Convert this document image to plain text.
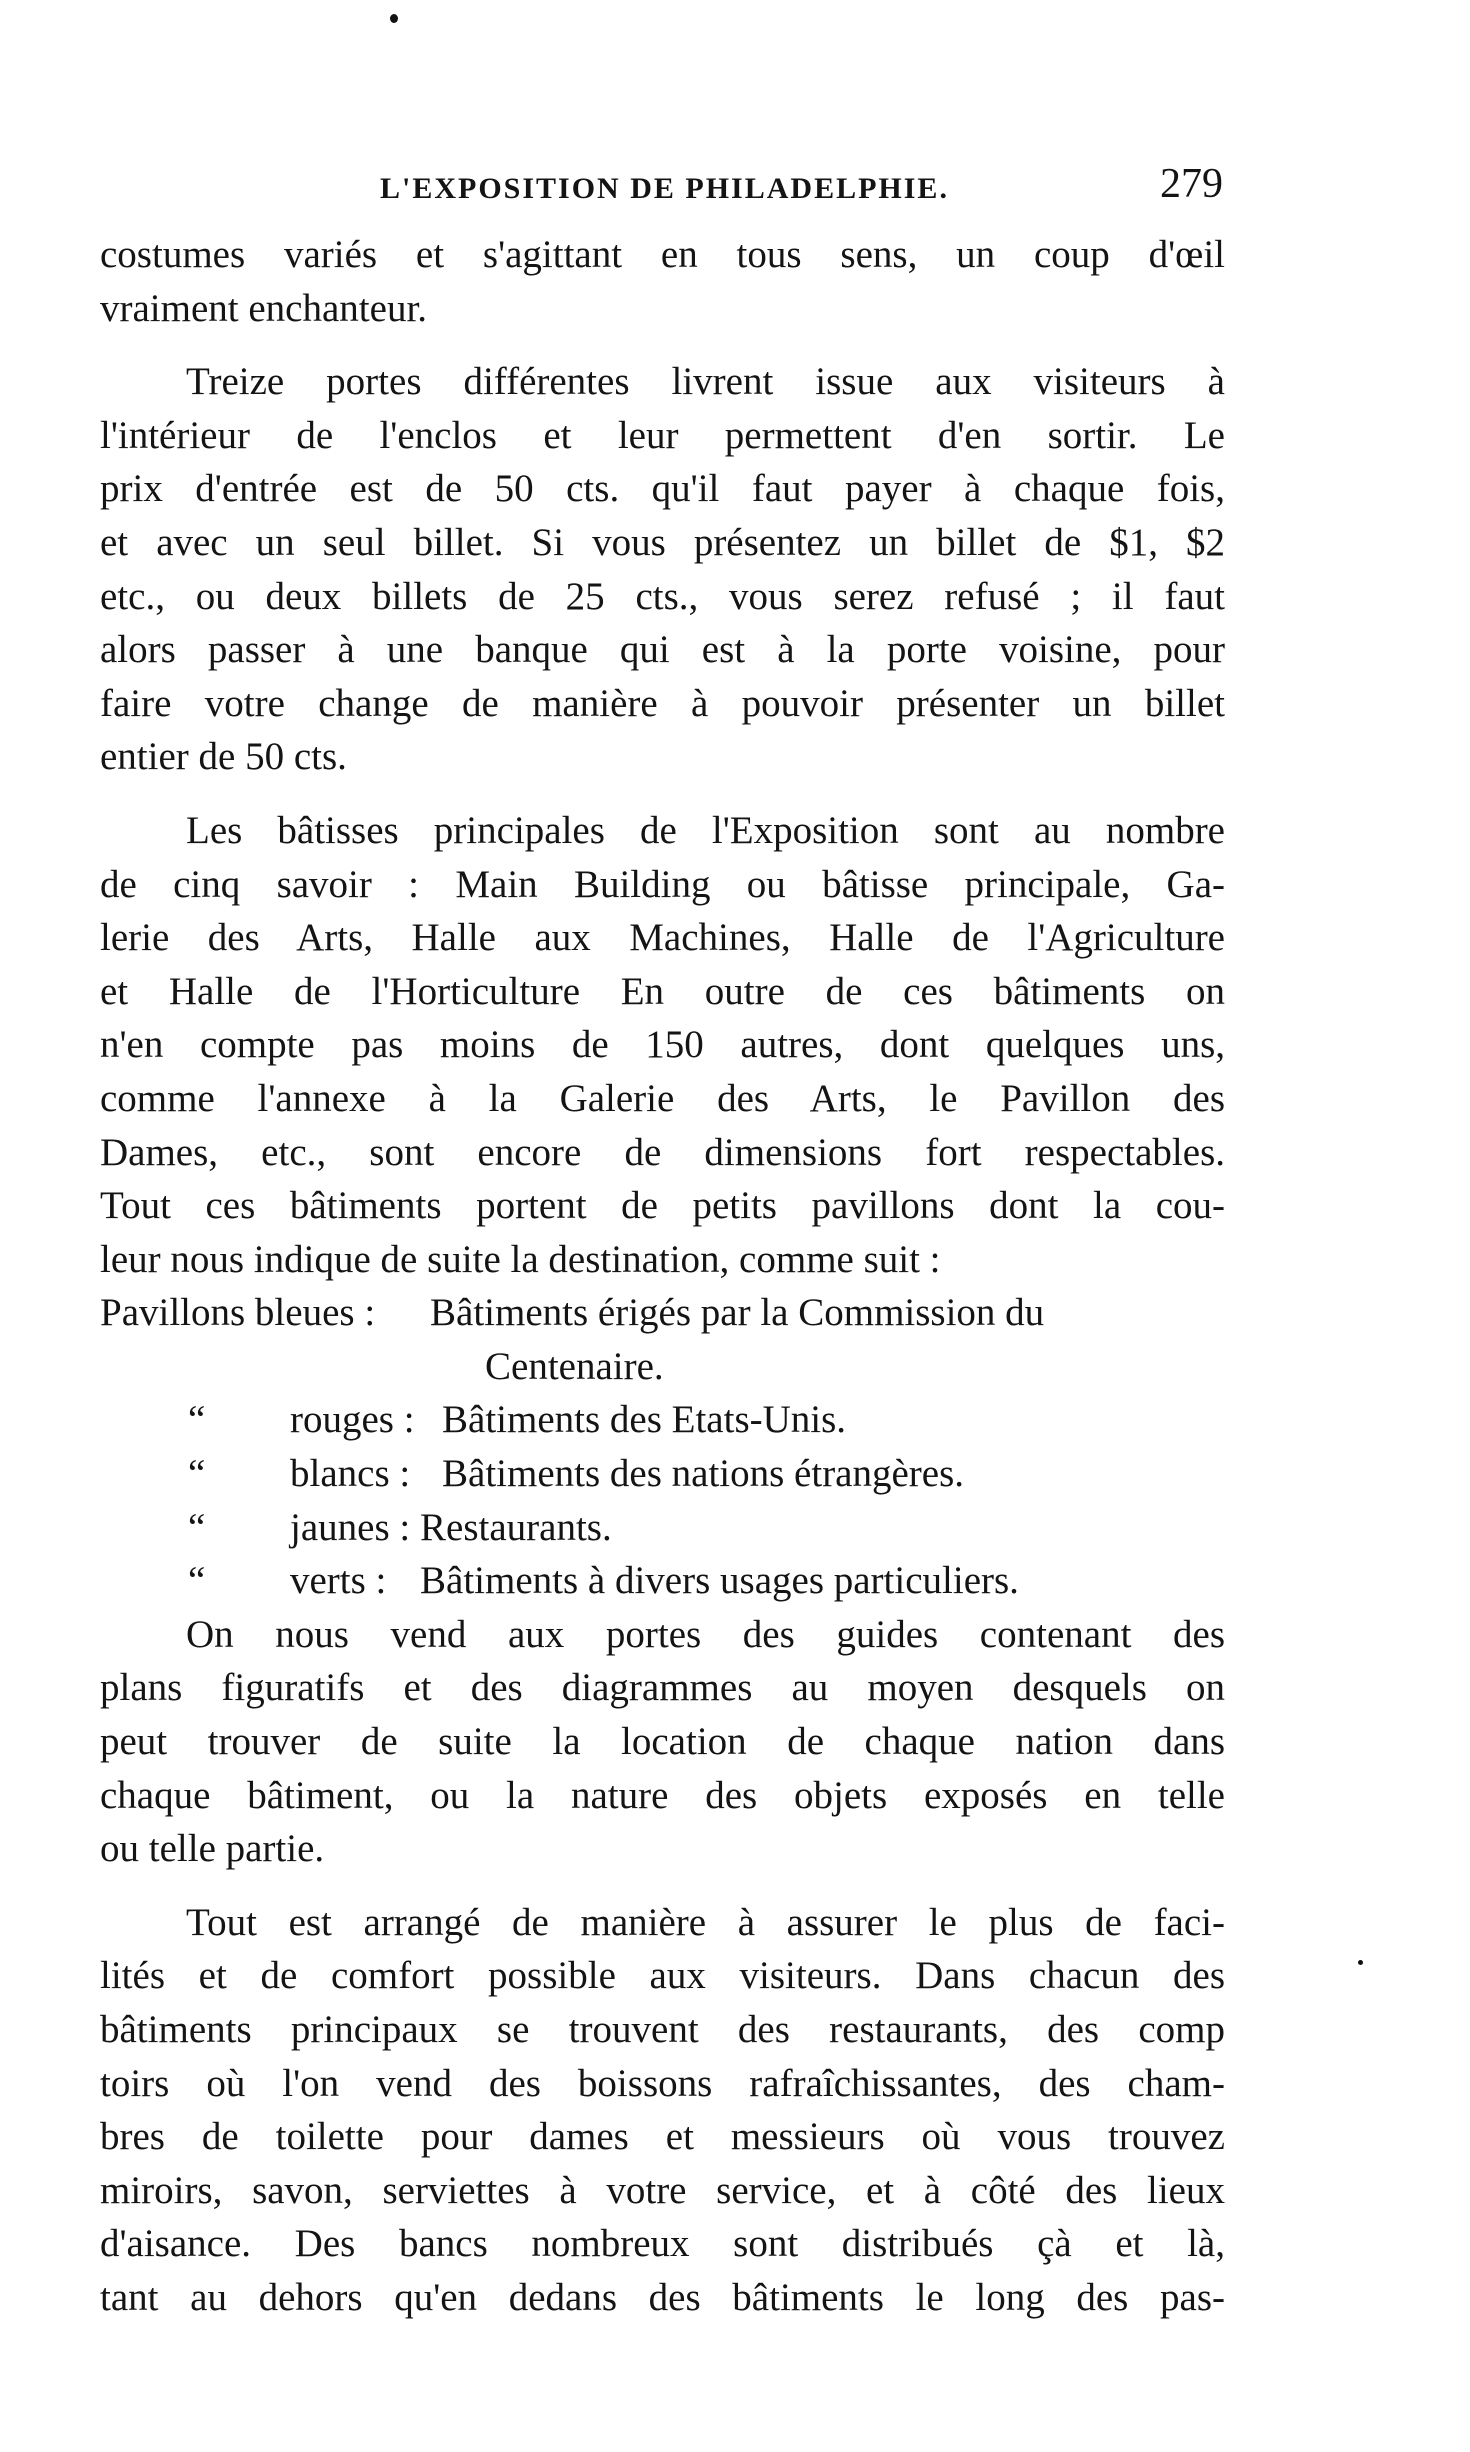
L'EXPOSITION DE PHILADELPHIE.	279

costumes variés et s'agittant en tous sens, un coup d'œil

vraiment enchanteur.

Treize portes différentes livrent issue aux visiteurs à

l'intérieur de l'enclos et leur permettent d'en sortir. Le

prix d'entrée est de 50 cts. qu'il faut payer à chaque fois,

et avec un seul billet. Si vous présentez un billet de $1, $2

etc., ou deux billets de 25 cts., vous serez refusé ; il faut

alors passer à une banque qui est à la porte voisine, pour

faire votre change de manière à pouvoir présenter un billet

entier de 50 cts.

Les bâtisses principales de l'Exposition sont au nombre

de cinq savoir : Main Building ou bâtisse principale, Ga-

lerie des Arts, Halle aux Machines, Halle de l'Agriculture

et Halle de l'Horticulture En outre de ces bâtiments on

n'en compte pas moins de 150 autres, dont quelques uns,

comme l'annexe à la Galerie des Arts, le Pavillon des

Dames, etc., sont encore de dimensions fort respectables.

Tout ces bâtiments portent de petits pavillons dont la cou-

leur nous indique de suite la destination, comme suit :

Pavillons bleues : Bâtiments érigés par la Commission du
Centenaire.
“ rouges : Bâtiments des Etats-Unis.
“ blancs : Bâtiments des nations étrangères.
“ jaunes : Restaurants.
“ verts : Bâtiments à divers usages particuliers.

On nous vend aux portes des guides contenant des

plans figuratifs et des diagrammes au moyen desquels on

peut trouver de suite la location de chaque nation dans

chaque bâtiment, ou la nature des objets exposés en telle

ou telle partie.

Tout est arrangé de manière à assurer le plus de faci-

lités et de comfort possible aux visiteurs. Dans chacun des

bâtiments principaux se trouvent des restaurants, des comp

toirs où l'on vend des boissons rafraîchissantes, des cham-

bres de toilette pour dames et messieurs où vous trouvez

miroirs, savon, serviettes à votre service, et à côté des lieux

d'aisance. Des bancs nombreux sont distribués çà et là,

tant au dehors qu'en dedans des bâtiments le long des pas-
